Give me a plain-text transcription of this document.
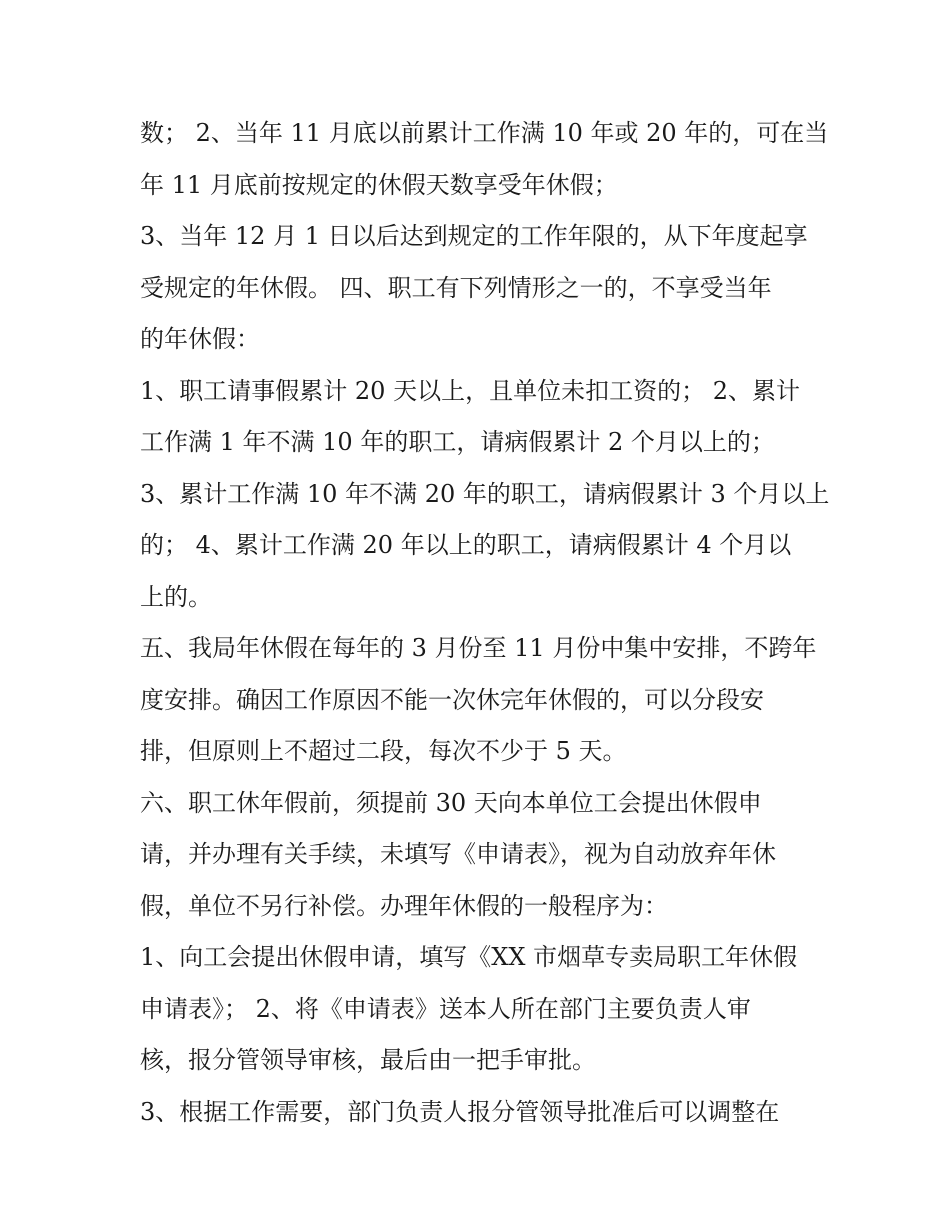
数； 2、当年 11 月底以前累计工作满 10 年或 20 年的，可在当
年 11 月底前按规定的休假天数享受年休假；
3、当年 12 月 1 日以后达到规定的工作年限的，从下年度起享
受规定的年休假。 四、职工有下列情形之一的，不享受当年
的年休假：
1、职工请事假累计 20 天以上，且单位未扣工资的； 2、累计
工作满 1 年不满 10 年的职工，请病假累计 2 个月以上的；
3、累计工作满 10 年不满 20 年的职工，请病假累计 3 个月以上
的； 4、累计工作满 20 年以上的职工，请病假累计 4 个月以
上的。
五、我局年休假在每年的 3 月份至 11 月份中集中安排，不跨年
度安排。确因工作原因不能一次休完年休假的，可以分段安
排，但原则上不超过二段，每次不少于 5 天。
六、职工休年假前，须提前 30 天向本单位工会提出休假申
请，并办理有关手续，未填写《申请表》，视为自动放弃年休
假，单位不另行补偿。办理年休假的一般程序为：
1、向工会提出休假申请，填写《XX 市烟草专卖局职工年休假
申请表》； 2、将《申请表》送本人所在部门主要负责人审
核，报分管领导审核，最后由一把手审批。
3、根据工作需要，部门负责人报分管领导批准后可以调整在
